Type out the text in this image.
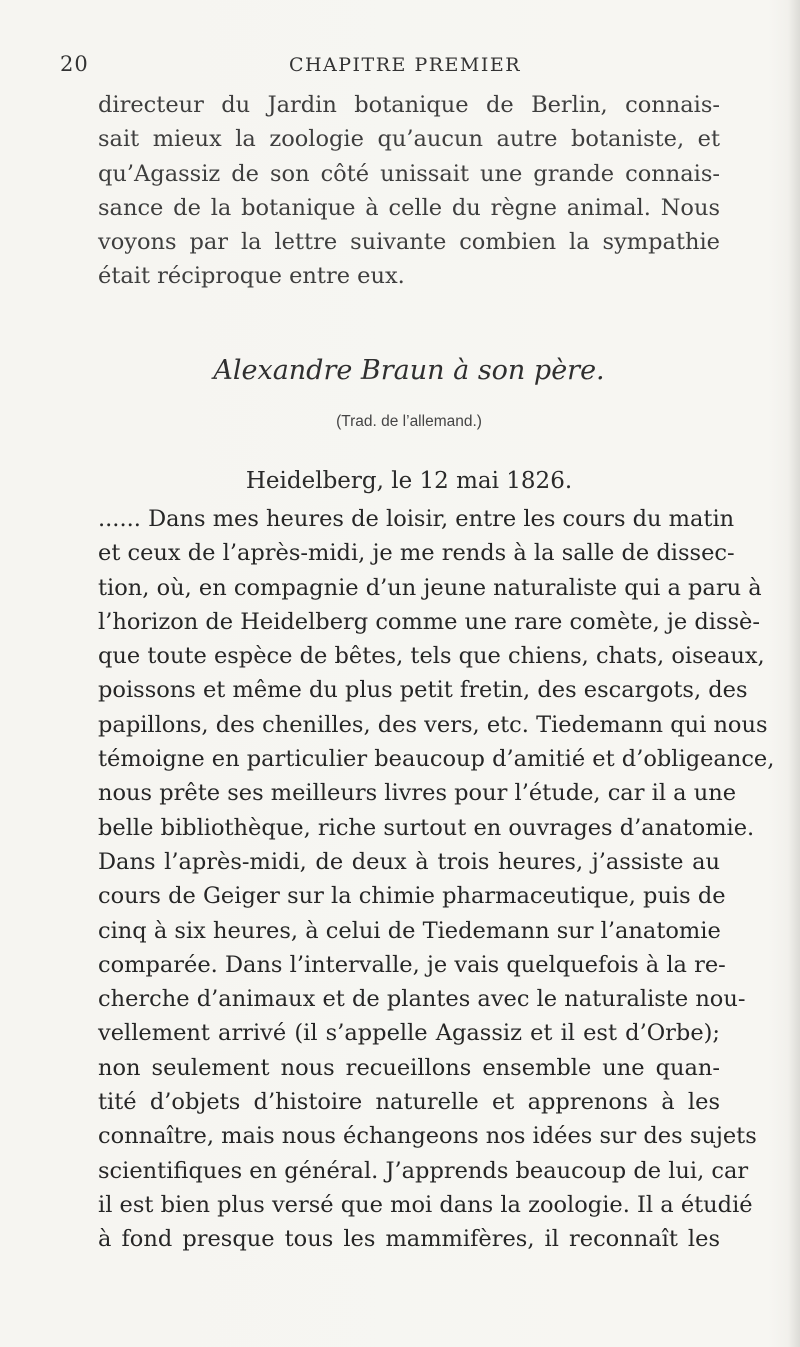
20	CHAPITRE PREMIER
directeur du Jardin botanique de Berlin, connais-
sait mieux la zoologie qu’aucun autre botaniste, et
qu’Agassiz de son côté unissait une grande connais-
sance de la botanique à celle du règne animal. Nous
voyons par la lettre suivante combien la sympathie
était réciproque entre eux.
Alexandre Braun à son père.
(Trad. de l’allemand.)
Heidelberg, le 12 mai 1826.
...... Dans mes heures de loisir, entre les cours du matin
et ceux de l’après-midi, je me rends à la salle de dissec-
tion, où, en compagnie d’un jeune naturaliste qui a paru à
l’horizon de Heidelberg comme une rare comète, je dissè-
que toute espèce de bêtes, tels que chiens, chats, oiseaux,
poissons et même du plus petit fretin, des escargots, des
papillons, des chenilles, des vers, etc. Tiedemann qui nous
témoigne en particulier beaucoup d’amitié et d’obligeance,
nous prête ses meilleurs livres pour l’étude, car il a une
belle bibliothèque, riche surtout en ouvrages d’anatomie.
Dans l’après-midi, de deux à trois heures, j’assiste au
cours de Geiger sur la chimie pharmaceutique, puis de
cinq à six heures, à celui de Tiedemann sur l’anatomie
comparée. Dans l’intervalle, je vais quelquefois à la re-
cherche d’animaux et de plantes avec le naturaliste nou-
vellement arrivé (il s’appelle Agassiz et il est d’Orbe);
non seulement nous recueillons ensemble une quan-
tité d’objets d’histoire naturelle et apprenons à les
connaître, mais nous échangeons nos idées sur des sujets
scientifiques en général. J’apprends beaucoup de lui, car
il est bien plus versé que moi dans la zoologie. Il a étudié
à fond presque tous les mammifères, il reconnaît les
